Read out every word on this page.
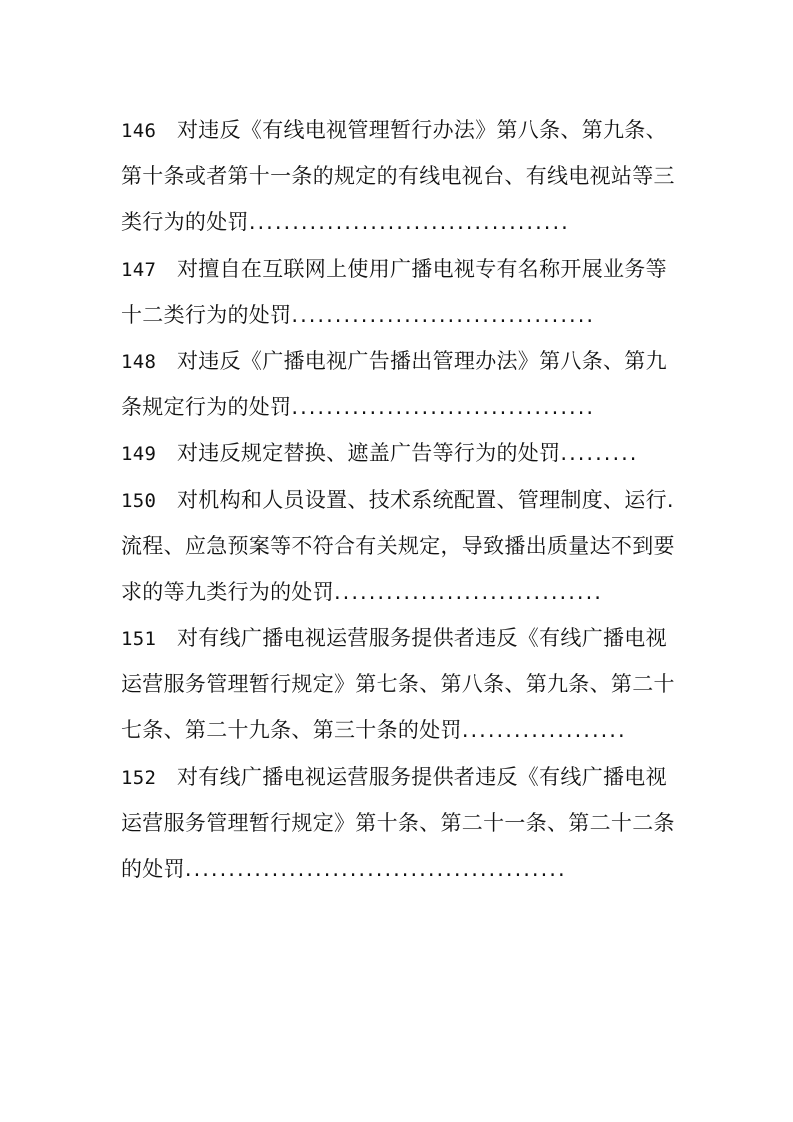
146 对违反《有线电视管理暂行办法》第八条、第九条、
第十条或者第十一条的规定的有线电视台、有线电视站等三
类行为的处罚.....................................
147 对擅自在互联网上使用广播电视专有名称开展业务等
十二类行为的处罚...................................
148 对违反《广播电视广告播出管理办法》第八条、第九
条规定行为的处罚...................................
149 对违反规定替换、遮盖广告等行为的处罚.........
150 对机构和人员设置、技术系统配置、管理制度、运行.
流程、应急预案等不符合有关规定，导致播出质量达不到要
求的等九类行为的处罚...............................
151 对有线广播电视运营服务提供者违反《有线广播电视
运营服务管理暂行规定》第七条、第八条、第九条、第二十
七条、第二十九条、第三十条的处罚...................
152 对有线广播电视运营服务提供者违反《有线广播电视
运营服务管理暂行规定》第十条、第二十一条、第二十二条
的处罚............................................
